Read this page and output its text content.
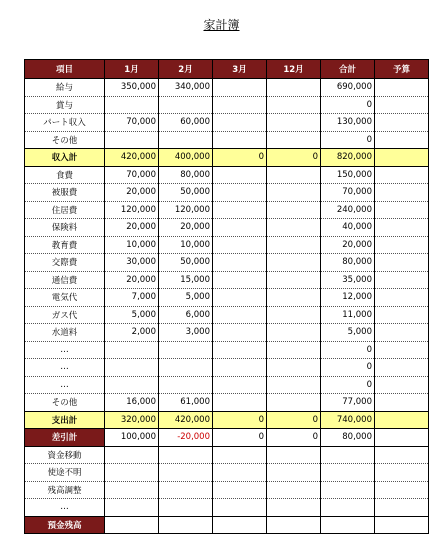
家計簿
項目	1月	2月	3月	12月	合計	予算
給与	350,000	340,000			690,000	
賞与					0	
パート収入	70,000	60,000			130,000	
その他					0	
収入計	420,000	400,000	0	0	820,000	
食費	70,000	80,000			150,000	
被服費	20,000	50,000			70,000	
住居費	120,000	120,000			240,000	
保険料	20,000	20,000			40,000	
教育費	10,000	10,000			20,000	
交際費	30,000	50,000			80,000	
通信費	20,000	15,000			35,000	
電気代	7,000	5,000			12,000	
ガス代	5,000	6,000			11,000	
水道料	2,000	3,000			5,000	
…					0	
…					0	
…					0	
その他	16,000	61,000			77,000	
支出計	320,000	420,000	0	0	740,000	
差引計	100,000	-20,000	0	0	80,000	
資金移動						
使途不明						
残高調整						
…						
預金残高						
